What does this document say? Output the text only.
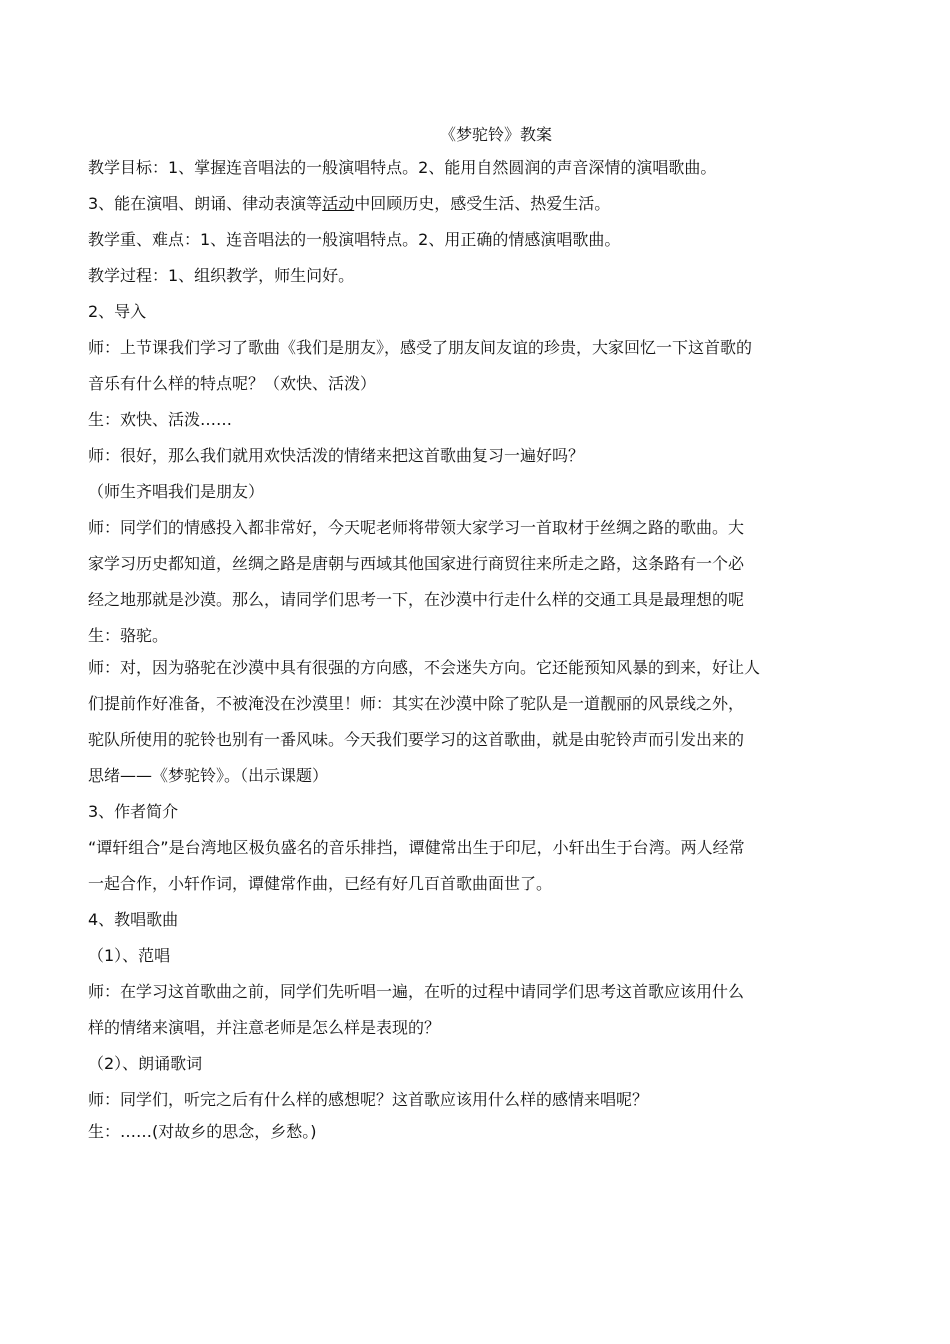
《梦驼铃》教案

教学目标：1、掌握连音唱法的一般演唱特点。2、能用自然圆润的声音深情的演唱歌曲。

3、能在演唱、朗诵、律动表演等活动中回顾历史，感受生活、热爱生活。

教学重、难点：1、连音唱法的一般演唱特点。2、用正确的情感演唱歌曲。

教学过程：1、组织教学，师生问好。

2、导入

师：上节课我们学习了歌曲《我们是朋友》，感受了朋友间友谊的珍贵，大家回忆一下这首歌的

音乐有什么样的特点呢？（欢快、活泼）

生：欢快、活泼……

师：很好，那么我们就用欢快活泼的情绪来把这首歌曲复习一遍好吗？

（师生齐唱我们是朋友）

师：同学们的情感投入都非常好，今天呢老师将带领大家学习一首取材于丝绸之路的歌曲。大

家学习历史都知道，丝绸之路是唐朝与西域其他国家进行商贸往来所走之路，这条路有一个必

经之地那就是沙漠。那么，请同学们思考一下，在沙漠中行走什么样的交通工具是最理想的呢

生：骆驼。

师：对，因为骆驼在沙漠中具有很强的方向感，不会迷失方向。它还能预知风暴的到来，好让人

们提前作好准备，不被淹没在沙漠里！师：其实在沙漠中除了驼队是一道靓丽的风景线之外，

驼队所使用的驼铃也别有一番风味。今天我们要学习的这首歌曲，就是由驼铃声而引发出来的

思绪——《梦驼铃》。（出示课题）

3、作者简介

“谭轩组合”是台湾地区极负盛名的音乐排挡，谭健常出生于印尼，小轩出生于台湾。两人经常

一起合作，小轩作词，谭健常作曲，已经有好几百首歌曲面世了。

4、教唱歌曲

（1）、范唱

师：在学习这首歌曲之前，同学们先听唱一遍，在听的过程中请同学们思考这首歌应该用什么

样的情绪来演唱，并注意老师是怎么样是表现的？

（2）、朗诵歌词

师：同学们，听完之后有什么样的感想呢？这首歌应该用什么样的感情来唱呢？

生：……(对故乡的思念，乡愁。)
